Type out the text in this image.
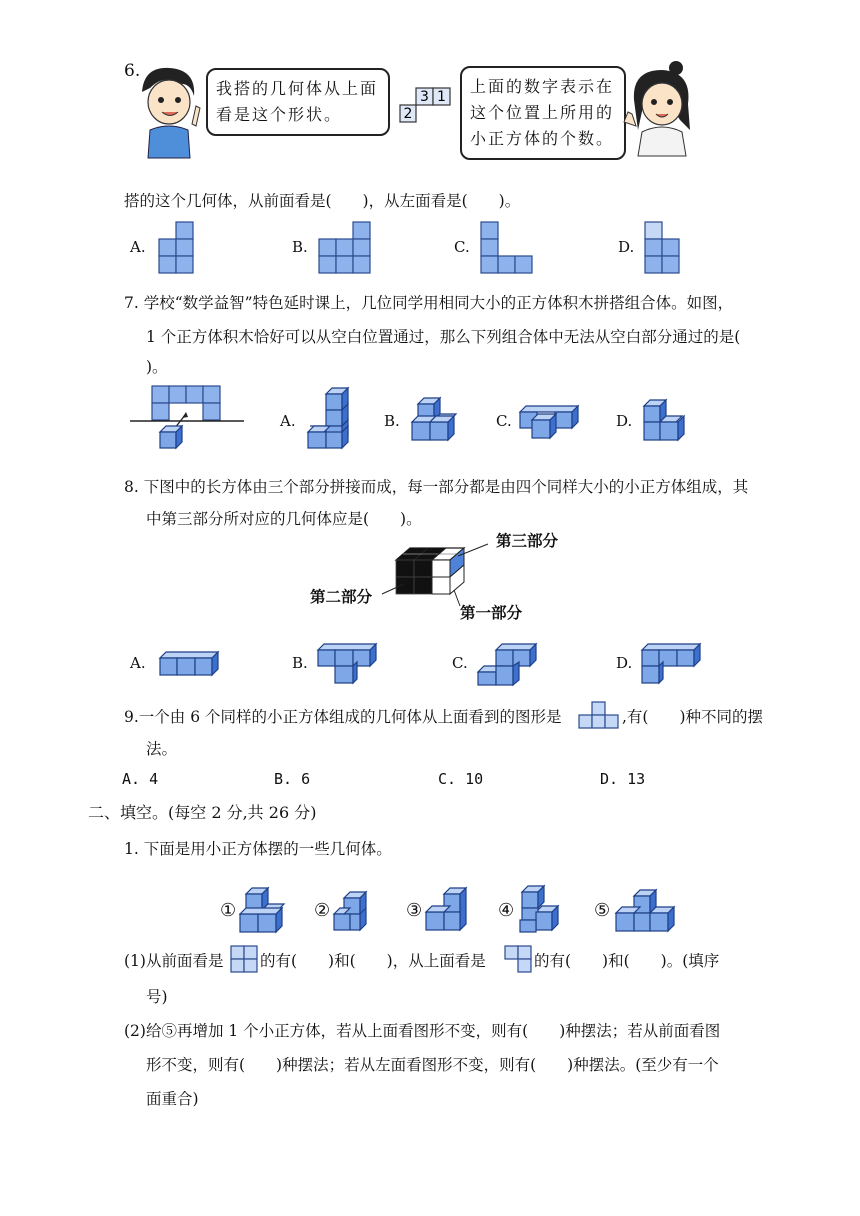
6.
我搭的几何体从上面
看是这个形状。
3 1
2
上面的数字表示在
这个位置上所用的
小正方体的个数。
搭的这个几何体，从前面看是(　　)，从左面看是(　　)。
A.	B.	C.	D.
7. 学校“数学益智”特色延时课上，几位同学用相同大小的正方体积木拼搭组合体。如图，
1 个正方体积木恰好可以从空白位置通过，那么下列组合体中无法从空白部分通过的是(
)。
A.	B.	C.	D.
8. 下图中的长方体由三个部分拼接而成，每一部分都是由四个同样大小的小正方体组成，其
中第三部分所对应的几何体应是(　　)。
第三部分
第二部分
第一部分
A.	B.	C.	D.
9.一个由 6 个同样的小正方体组成的几何体从上面看到的图形是	,有(　　)种不同的摆
法。
A. 4	B. 6	C. 10	D. 13
二、填空。(每空 2 分,共 26 分)
1. 下面是用小正方体摆的一些几何体。
①	②	③	④	⑤
(1)从前面看是 的有(　　)和(　　)，从上面看是	的有(　　)和(　　)。(填序
号)
(2)给⑤再增加 1 个小正方体，若从上面看图形不变，则有(　　)种摆法；若从前面看图
形不变，则有(　　)种摆法；若从左面看图形不变，则有(　　)种摆法。(至少有一个
面重合)
